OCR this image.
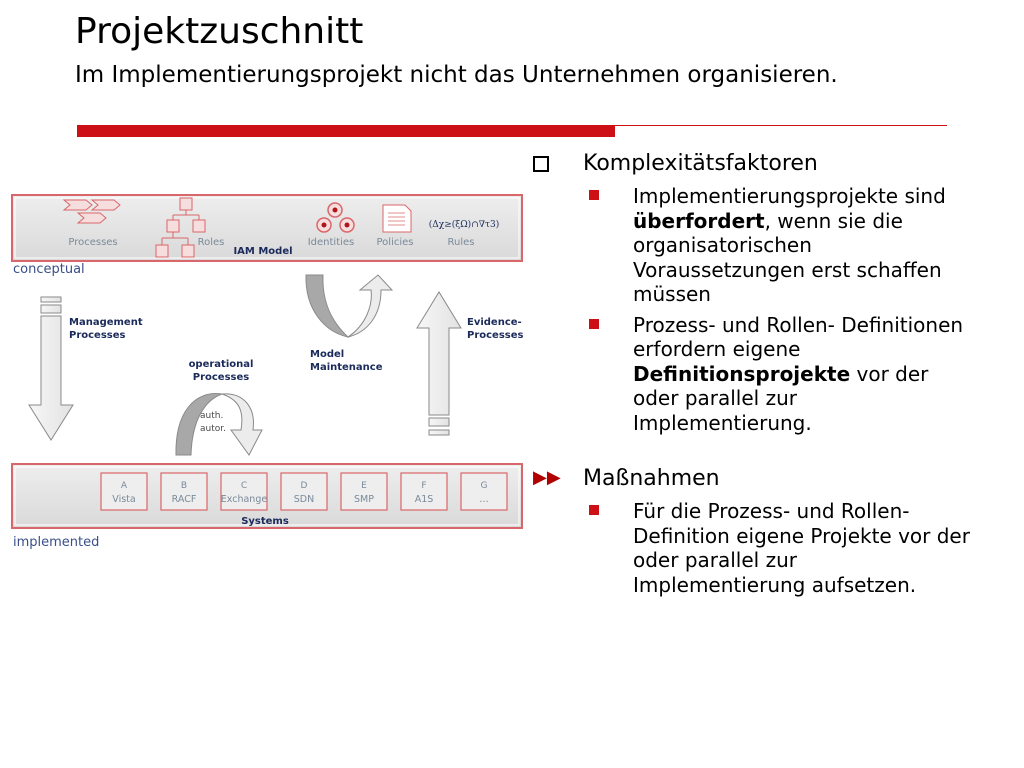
Projektzuschnitt
Im Implementierungsprojekt nicht das Unternehmen organisieren.
(Δχ≥(ξΩ)∩∇τ3)
Processes	Roles	Identities Policies	Rules
IAM Model
conceptual
Management
Processes
Model
Maintenance
Evidence-
Processes
operational
Processes
auth.
autor.
A
Vista
B
RACF
C
Exchange
D
SDN
E
SMP
F
A1S
G
…
Systems
implemented
Komplexitätsfaktoren
Implementierungsprojekte sind überfordert, wenn sie die organisatorischen Voraussetzungen erst schaffen müssen
Prozess- und Rollen- Definitionen erfordern eigene Definitionsprojekte vor der oder parallel zur Implementierung.
▶▶ Maßnahmen
Für die Prozess- und Rollen- Definition eigene Projekte vor der oder parallel zur Implementierung aufsetzen.
